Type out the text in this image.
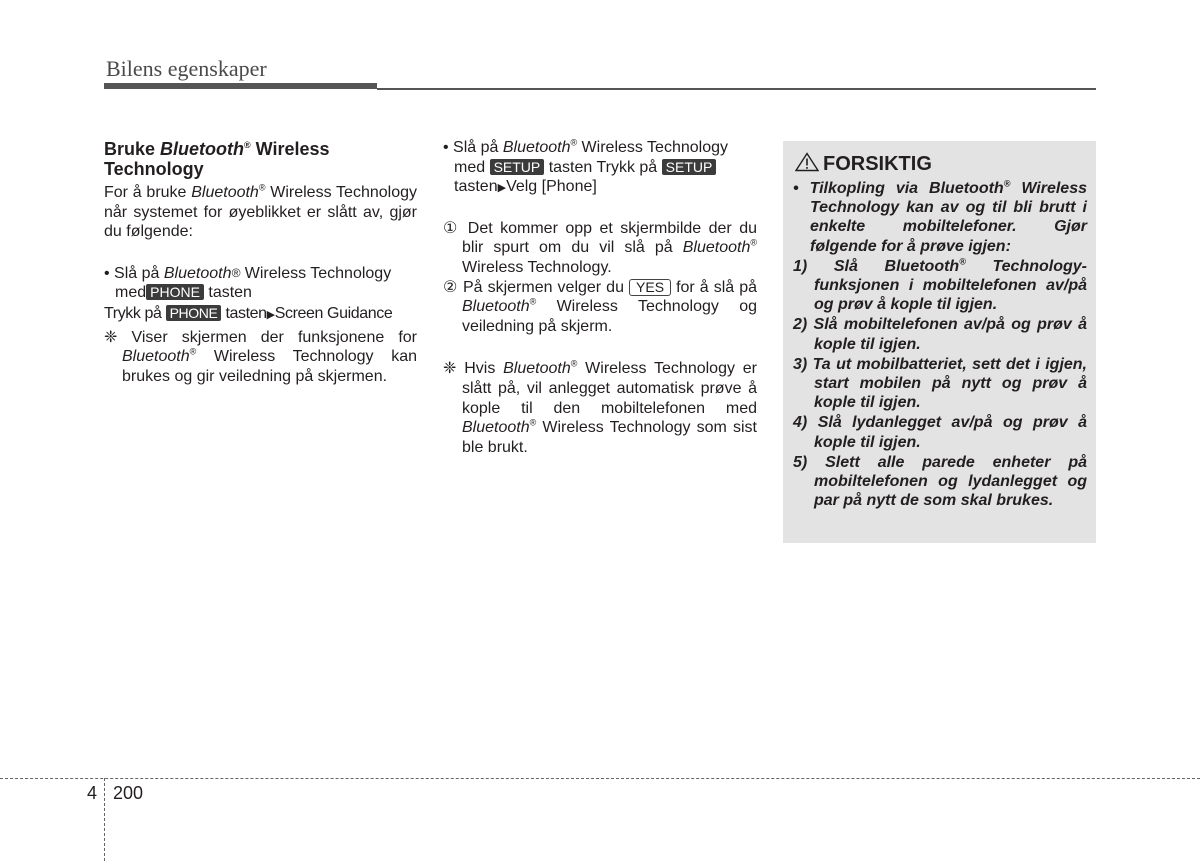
Bilens egenskaper

Bruke Bluetooth® Wireless Technology

For å bruke Bluetooth® Wireless Technology når systemet for øyeblikket er slått av, gjør du følgende:

• Slå på Bluetooth® Wireless Technology med PHONE tasten

Trykk på PHONE tasten▶Screen Guidance

❈ Viser skjermen der funksjonene for Bluetooth® Wireless Technology kan brukes og gir veiledning på skjermen.

• Slå på Bluetooth® Wireless Technology med SETUP tasten Trykk på SETUP tasten▶Velg [Phone]

① Det kommer opp et skjermbilde der du blir spurt om du vil slå på Bluetooth® Wireless Technology.

② På skjermen velger du YES for å slå på Bluetooth® Wireless Technology og veiledning på skjerm.

❈ Hvis Bluetooth® Wireless Technology er slått på, vil anlegget automatisk prøve å kople til den mobiltelefonen med Bluetooth® Wireless Technology som sist ble brukt.

FORSIKTIG

• Tilkopling via Bluetooth® Wireless Technology kan av og til bli brutt i enkelte mobiltelefoner. Gjør følgende for å prøve igjen:

1) Slå Bluetooth® Technology-funksjonen i mobiltelefonen av/på og prøv å kople til igjen.

2) Slå mobiltelefonen av/på og prøv å kople til igjen.

3) Ta ut mobilbatteriet, sett det i igjen, start mobilen på nytt og prøv å kople til igjen.

4) Slå lydanlegget av/på og prøv å kople til igjen.

5) Slett alle parede enheter på mobiltelefonen og lydanlegget og par på nytt de som skal brukes.

4 200
